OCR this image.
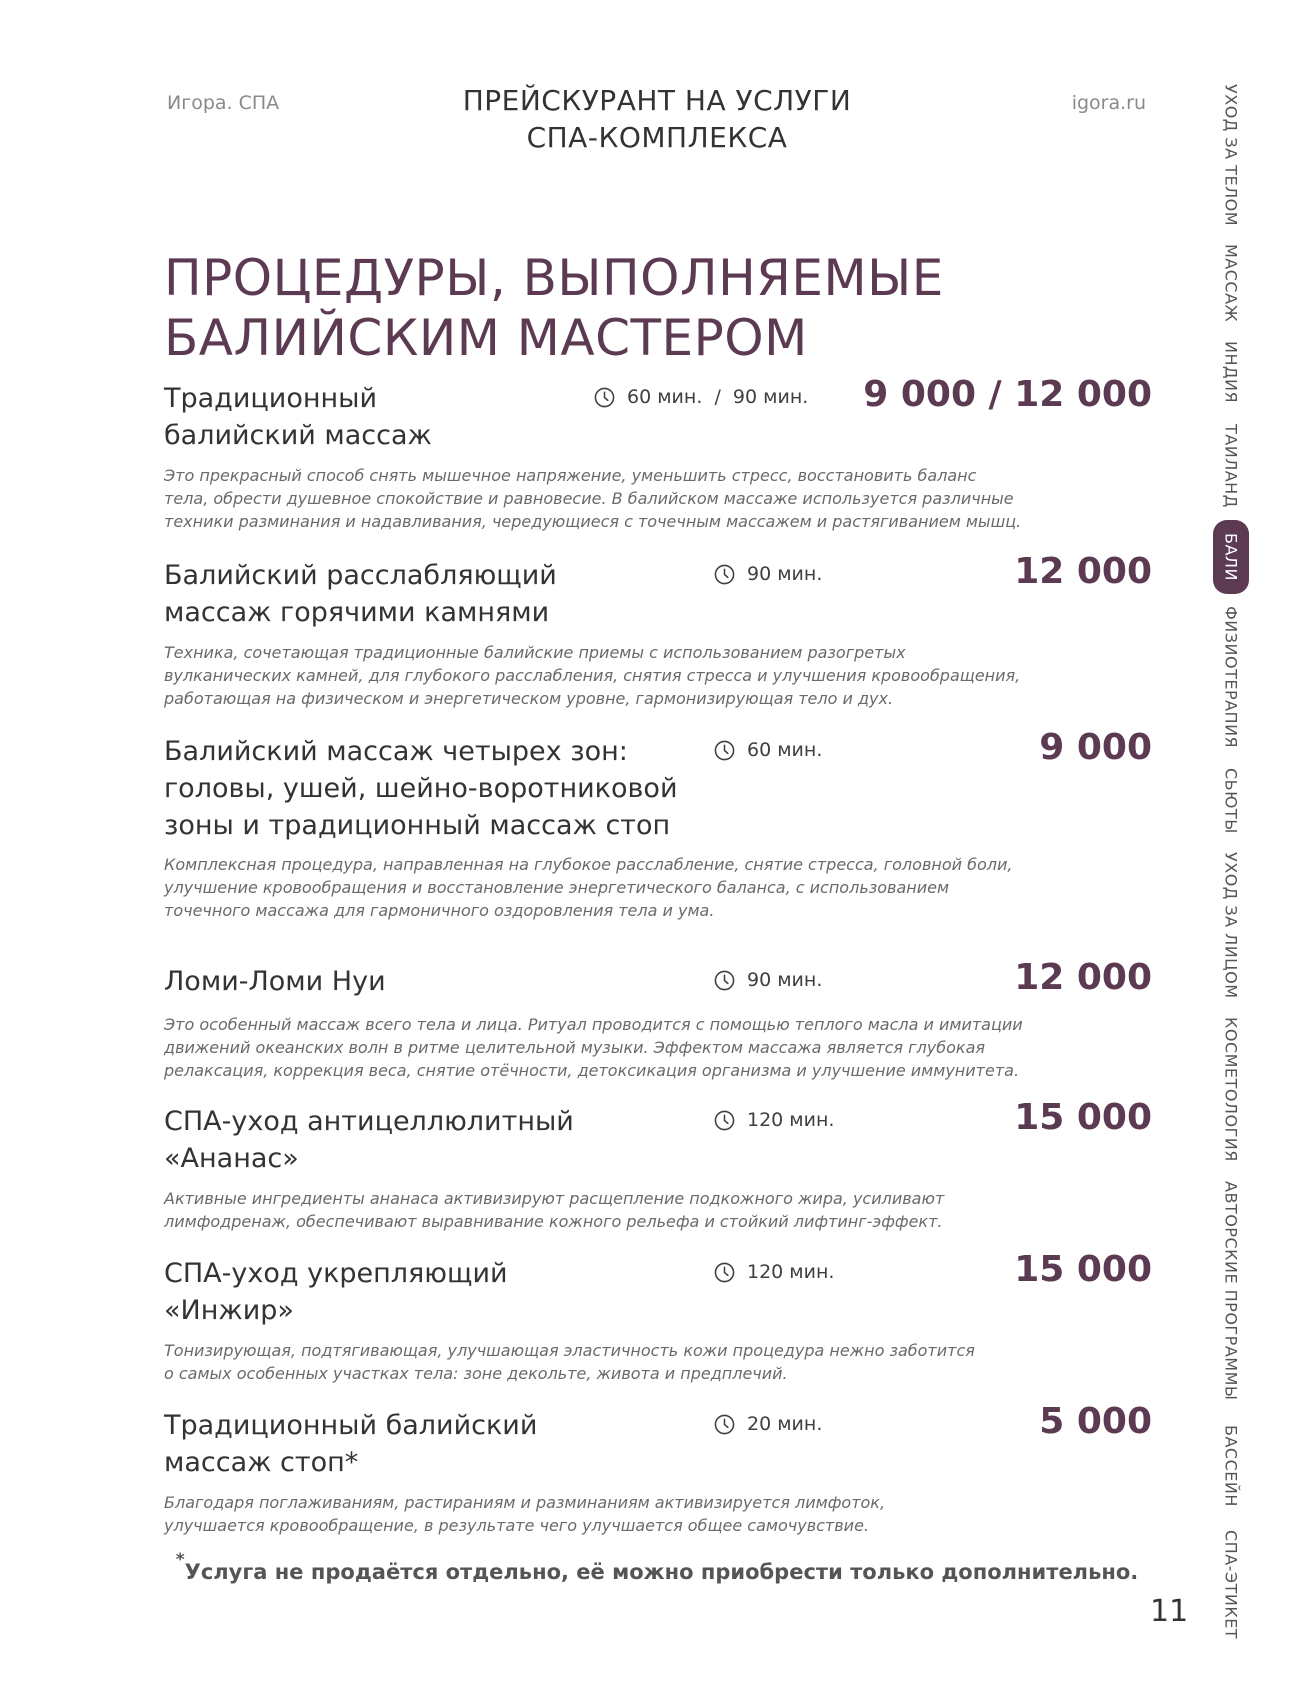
Игора. СПА	ПРЕЙСКУРАНТ НА УСЛУГИ
СПА-КОМПЛЕКСА
igora.ru
ПРОЦЕДУРЫ, ВЫПОЛНЯЕМЫЕ
БАЛИЙСКИМ МАСТЕРОМ
Традиционный
балийский массаж
60 мин.  /  90 мин. 9 000 / 12 000
Это прекрасный способ снять мышечное напряжение, уменьшить стресс, восстановить баланс
тела, обрести душевное спокойствие и равновесие. В балийском массаже используется различные
техники разминания и надавливания, чередующиеся с точечным массажем и растягиванием мышц.
Балийский расслабляющий
массаж горячими камнями
90 мин.	12 000
Техника, сочетающая традиционные балийские приемы с использованием разогретых
вулканических камней, для глубокого расслабления, снятия стресса и улучшения кровообращения,
работающая на физическом и энергетическом уровне, гармонизирующая тело и дух.
Балийский массаж четырех зон:
головы, ушей, шейно-воротниковой
зоны и традиционный массаж стоп
60 мин.	9 000
Комплексная процедура, направленная на глубокое расслабление, снятие стресса, головной боли,
улучшение кровообращения и восстановление энергетического баланса, с использованием
точечного массажа для гармоничного оздоровления тела и ума.
Ломи-Ломи Нуи	90 мин.	12 000
Это особенный массаж всего тела и лица. Ритуал проводится с помощью теплого масла и имитации
движений океанских волн в ритме целительной музыки. Эффектом массажа является глубокая
релаксация, коррекция веса, снятие отёчности, детоксикация организма и улучшение иммунитета.
СПА-уход антицеллюлитный
«Ананас»
120 мин.	15 000
Активные ингредиенты ананаса активизируют расщепление подкожного жира, усиливают
лимфодренаж, обеспечивают выравнивание кожного рельефа и стойкий лифтинг-эффект.
СПА-уход укрепляющий
«Инжир»
120 мин.	15 000
Тонизирующая, подтягивающая, улучшающая эластичность кожи процедура нежно заботится
о самых особенных участках тела: зоне декольте, живота и предплечий.
Традиционный балийский
массаж стоп*
20 мин.	5 000
Благодаря поглаживаниям, растираниям и разминаниям активизируется лимфоток,
улучшается кровообращение, в результате чего улучшается общее самочувствие.
*Услуга не продаётся отдельно, её можно приобрести только дополнительно.
11
УХОД ЗА ТЕЛОМ
МАССАЖ
ИНДИЯ
ТАИЛАНД
БАЛИ
ФИЗИОТЕРАПИЯ
СЬЮТЫ
УХОД ЗА ЛИЦОМ
КОСМЕТОЛОГИЯ
АВТОРСКИЕ ПРОГРАММЫ
БАССЕЙН
СПА-ЭТИКЕТ
